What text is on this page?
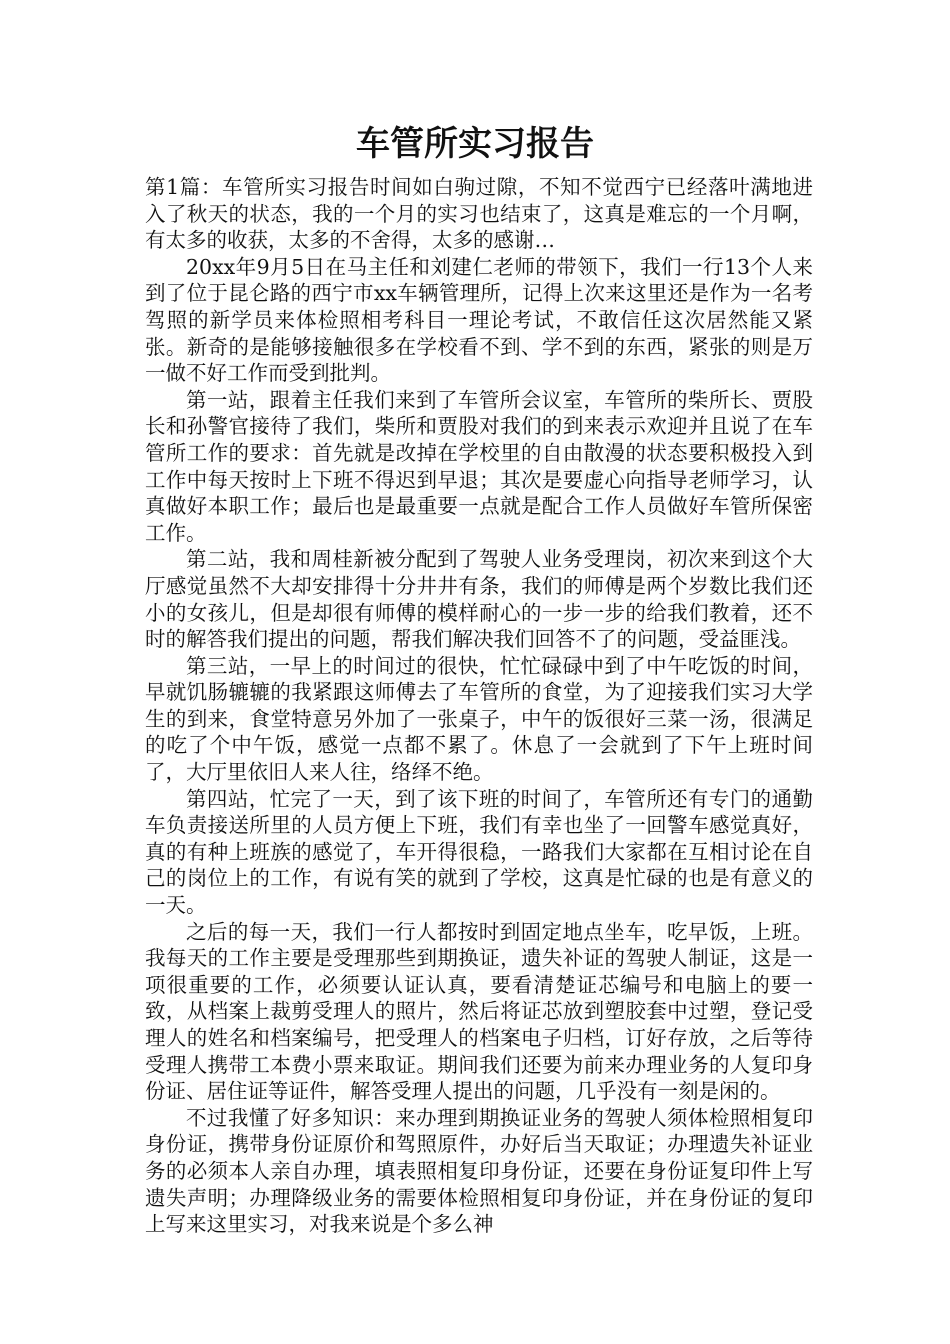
车管所实习报告

第1篇：车管所实习报告时间如白驹过隙，不知不觉西宁已经落叶满地进入了秋天的状态，我的一个月的实习也结束了，这真是难忘的一个月啊，有太多的收获，太多的不舍得，太多的感谢…

20xx年9月5日在马主任和刘建仁老师的带领下，我们一行13个人来到了位于昆仑路的西宁市xx车辆管理所，记得上次来这里还是作为一名考驾照的新学员来体检照相考科目一理论考试，不敢信任这次居然能又紧张。新奇的是能够接触很多在学校看不到、学不到的东西，紧张的则是万一做不好工作而受到批判。

第一站，跟着主任我们来到了车管所会议室，车管所的柴所长、贾股长和孙警官接待了我们，柴所和贾股对我们的到来表示欢迎并且说了在车管所工作的要求：首先就是改掉在学校里的自由散漫的状态要积极投入到工作中每天按时上下班不得迟到早退；其次是要虚心向指导老师学习，认真做好本职工作；最后也是最重要一点就是配合工作人员做好车管所保密工作。

第二站，我和周桂新被分配到了驾驶人业务受理岗，初次来到这个大厅感觉虽然不大却安排得十分井井有条，我们的师傅是两个岁数比我们还小的女孩儿，但是却很有师傅的模样耐心的一步一步的给我们教着，还不时的解答我们提出的问题，帮我们解决我们回答不了的问题，受益匪浅。

第三站，一早上的时间过的很快，忙忙碌碌中到了中午吃饭的时间，早就饥肠辘辘的我紧跟这师傅去了车管所的食堂，为了迎接我们实习大学生的到来，食堂特意另外加了一张桌子，中午的饭很好三菜一汤，很满足的吃了个中午饭，感觉一点都不累了。休息了一会就到了下午上班时间了，大厅里依旧人来人往，络绎不绝。

第四站，忙完了一天，到了该下班的时间了，车管所还有专门的通勤车负责接送所里的人员方便上下班，我们有幸也坐了一回警车感觉真好，真的有种上班族的感觉了，车开得很稳，一路我们大家都在互相讨论在自己的岗位上的工作，有说有笑的就到了学校，这真是忙碌的也是有意义的一天。

之后的每一天，我们一行人都按时到固定地点坐车，吃早饭，上班。我每天的工作主要是受理那些到期换证，遗失补证的驾驶人制证，这是一项很重要的工作，必须要认证认真，要看清楚证芯编号和电脑上的要一致，从档案上裁剪受理人的照片，然后将证芯放到塑胶套中过塑，登记受理人的姓名和档案编号，把受理人的档案电子归档，订好存放，之后等待受理人携带工本费小票来取证。期间我们还要为前来办理业务的人复印身份证、居住证等证件，解答受理人提出的问题，几乎没有一刻是闲的。

不过我懂了好多知识：来办理到期换证业务的驾驶人须体检照相复印身份证，携带身份证原价和驾照原件，办好后当天取证；办理遗失补证业务的必须本人亲自办理，填表照相复印身份证，还要在身份证复印件上写遗失声明；办理降级业务的需要体检照相复印身份证，并在身份证的复印上写来这里实习，对我来说是个多么神
